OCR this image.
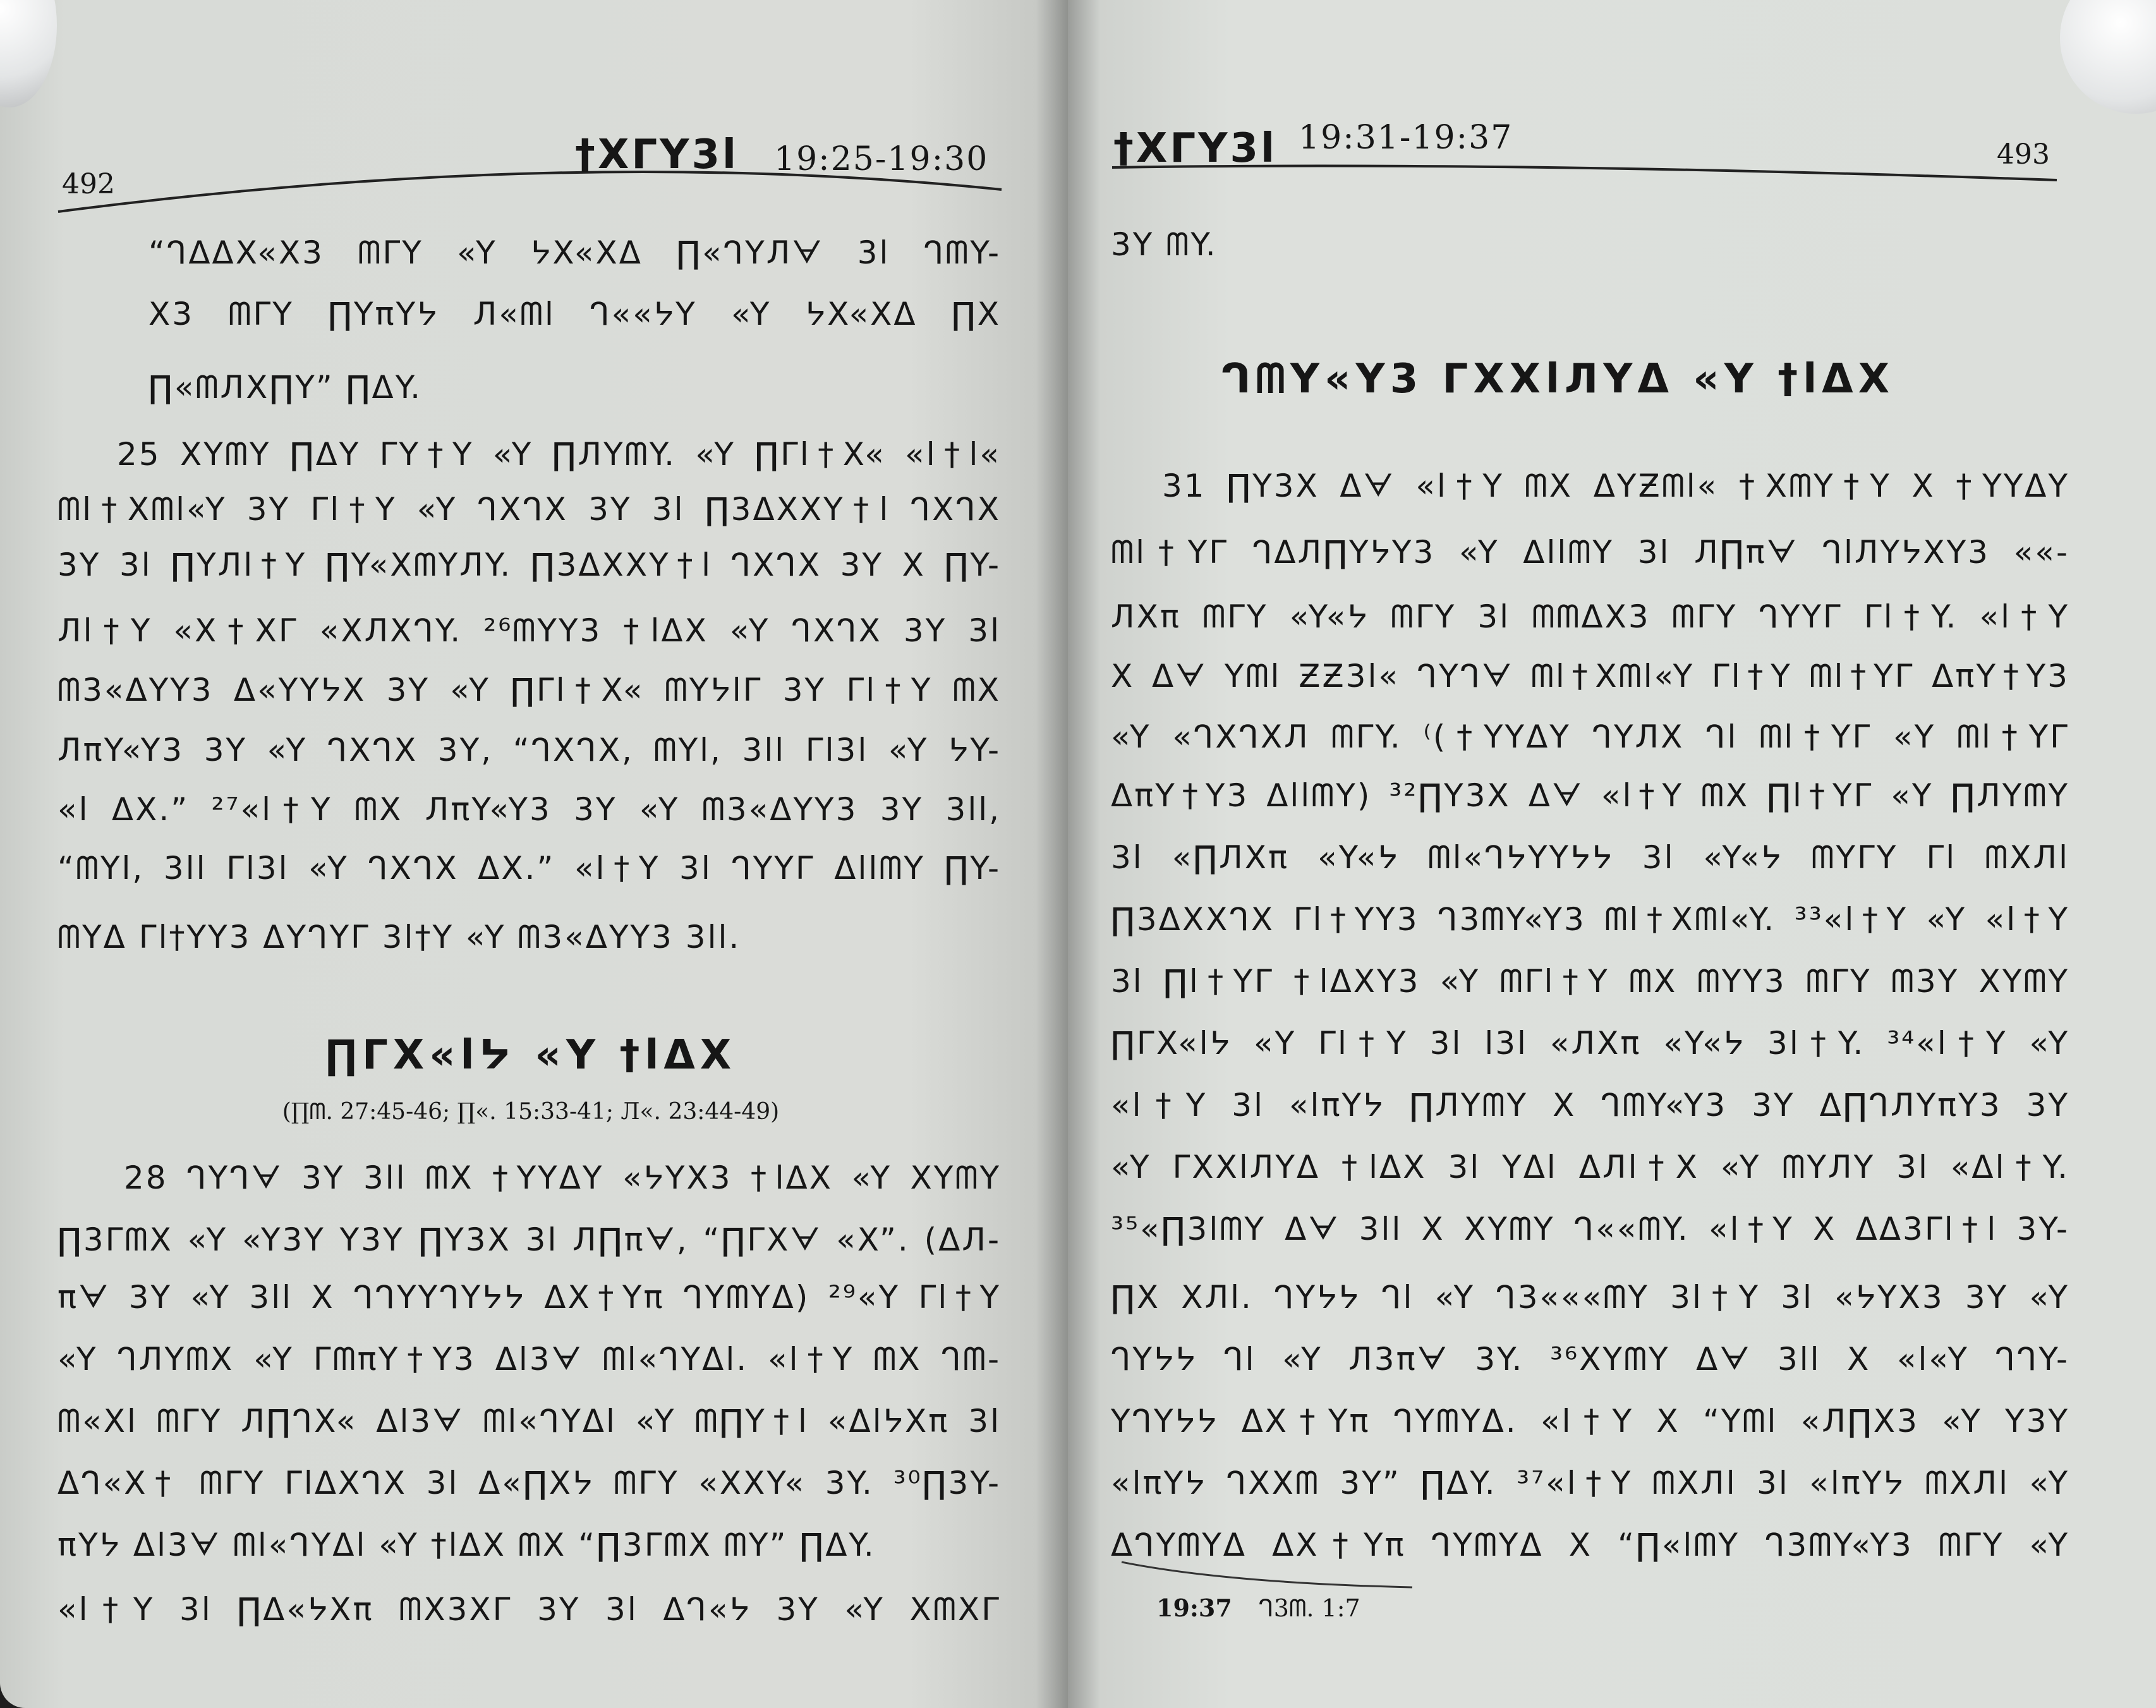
492
†XΓY3l 19:25-19:30
“ᒉᐃᐃX«X3 ᗰΓY «Y ᔭX«Xᐃ ∏«ᒉYЛᗄ 3l ᒉᗰY-
X3 ᗰΓY ∏YπYᔭ Л«ᗰl ᒉ««ᔭY «Y ᔭX«Xᐃ ∏X
∏«ᗰЛX∏Y” ∏ᐃY.
25 XYᗰY ∏ᐃY ΓY†Y «Y ∏ЛYᗰY. «Y ∏Γl†X« «l†l«
ᗰl†Xᗰl«Y 3Y Γl†Y «Y ᒉXᒉX 3Y 3l ∏3ᐃXXY†l ᒉXᒉX
3Y 3l ∏YЛl†Y ∏Y«XᗰYЛY. ∏3ᐃXXY†l ᒉXᒉX 3Y X ∏Y-
Лl†Y «X†XΓ «XЛXᒉY. ²⁶ᗰYY3 †lᐃX «Y ᒉXᒉX 3Y 3l
ᗰ3«ᐃYY3 ᐃ«YYᔭX 3Y «Y ∏Γl†X« ᗰYᔭlΓ 3Y Γl†Y ᗰX
ЛπY«Y3 3Y «Y ᒉXᒉX 3Y, “ᒉXᒉX, ᗰYl, 3ll Γl3l «Y ᔭY-
«l ᐃX.” ²⁷«l†Y ᗰX ЛπY«Y3 3Y «Y ᗰ3«ᐃYY3 3Y 3ll,
“ᗰYl, 3ll Γl3l «Y ᒉXᒉX ᐃX.” «l†Y 3l ᒉYYΓ ᐃllᗰY ∏Y-
ᗰYᐃ Γl†YY3 ᐃYᒉYΓ 3l†Y «Y ᗰ3«ᐃYY3 3ll.
28 ᒉYᒉᗄ 3Y 3ll ᗰX †YYᐃY «ᔭYX3 †lᐃX «Y XYᗰY
∏3ΓᗰX «Y «Y3Y Y3Y ∏Y3X 3l Л∏πᗄ, “∏ΓXᗄ «X”. (ᐃЛ-
πᗄ 3Y «Y 3ll X ᒉᒉYYᒉYᔭᔭ ᐃX†Yπ ᒉYᗰYᐃ) ²⁹«Y Γl†Y
«Y ᒉЛYᗰX «Y ΓᗰπY†Y3 ᐃl3ᗄ ᗰl«ᒉYᐃl. «l†Y ᗰX ᒉᗰ-
ᗰ«Xl ᗰΓY Л∏ᒉX« ᐃl3ᗄ ᗰl«ᒉYᐃl «Y ᗰ∏Y†l «ᐃlᔭXπ 3l
ᐃᒉ«X† ᗰΓY ΓlᐃXᒉX 3l ᐃ«∏Xᔭ ᗰΓY «XXY« 3Y. ³⁰∏3Y-
πYᔭ ᐃl3ᗄ ᗰl«ᒉYᐃl «Y †lᐃX ᗰX “∏3ΓᗰX ᗰY” ∏ᐃY.
«l†Y 3l ∏ᐃ«ᔭXπ ᗰX3XΓ 3Y 3l ᐃᒉ«ᔭ 3Y «Y XᗰXΓ
∏ΓX«lᔭ «Y †lᐃX
(∏ᗰ. 27:45-46; ∏«. 15:33-41; Л«. 23:44-49)
†XΓY3l 19:31-19:37	493
3Y ᗰY.
ᒉᗰY«Y3 ΓXXlЛYᐃ «Y †lᐃX
31 ∏Y3X ᐃᗄ «l†Y ᗰX ᐃYƵᗰl« †XᗰY†Y X †YYᐃY
ᗰl†YΓ ᒉᐃЛ∏YᔭY3 «Y ᐃllᗰY 3l Л∏πᗄ ᒉlЛYᔭXY3 ««-
ЛXπ ᗰΓY «Y«ᔭ ᗰΓY 3l ᗰᗰᐃX3 ᗰΓY ᒉYYΓ Γl†Y. «l†Y
X ᐃᗄ Yᗰl ƵƵ3l« ᒉYᒉᗄ ᗰl†Xᗰl«Y Γl†Y ᗰl†YΓ ᐃπY†Y3
«Y «ᒉXᒉXЛ ᗰΓY. ⁽(†YYᐃY ᒉYЛX ᒉl ᗰl†YΓ «Y ᗰl†YΓ
ᐃπY†Y3 ᐃllᗰY) ³²∏Y3X ᐃᗄ «l†Y ᗰX ∏l†YΓ «Y ∏ЛYᗰY
3l «∏ЛXπ «Y«ᔭ ᗰl«ᒉᔭYYᔭᔭ 3l «Y«ᔭ ᗰYΓY Γl ᗰXЛl
∏3ᐃXXᒉX Γl†YY3 ᒉ3ᗰY«Y3 ᗰl†Xᗰl«Y. ³³«l†Y «Y «l†Y
3l ∏l†YΓ †lᐃXY3 «Y ᗰΓl†Y ᗰX ᗰYY3 ᗰΓY ᗰ3Y XYᗰY
∏ΓX«lᔭ «Y Γl†Y 3l l3l «ЛXπ «Y«ᔭ 3l†Y. ³⁴«l†Y «Y
«l†Y 3l «lπYᔭ ∏ЛYᗰY X ᒉᗰY«Y3 3Y ᐃ∏ᒉЛYπY3 3Y
«Y ΓXXlЛYᐃ †lᐃX 3l Yᐃl ᐃЛl†X «Y ᗰYЛY 3l «ᐃl†Y.
³⁵«∏3lᗰY ᐃᗄ 3ll X XYᗰY ᒉ««ᗰY. «l†Y X ᐃᐃ3Γl†l 3Y-
∏X XЛl. ᒉYᔭᔭ ᒉl «Y ᒉ3«««ᗰY 3l†Y 3l «ᔭYX3 3Y «Y
ᒉYᔭᔭ ᒉl «Y Л3πᗄ 3Y. ³⁶XYᗰY ᐃᗄ 3ll X «l«Y ᒉᒉY-
YᒉYᔭᔭ ᐃX†Yπ ᒉYᗰYᐃ. «l†Y X “Yᗰl «Л∏X3 «Y Y3Y
«lπYᔭ ᒉXXᗰ 3Y” ∏ᐃY. ³⁷«l†Y ᗰXЛl 3l «lπYᔭ ᗰXЛl «Y
ᐃᒉYᗰYᐃ ᐃX†Yπ ᒉYᗰYᐃ X “∏«lᗰY ᒉ3ᗰY«Y3 ᗰΓY «Y
19:37 ᒉ3ᗰ. 1:7
